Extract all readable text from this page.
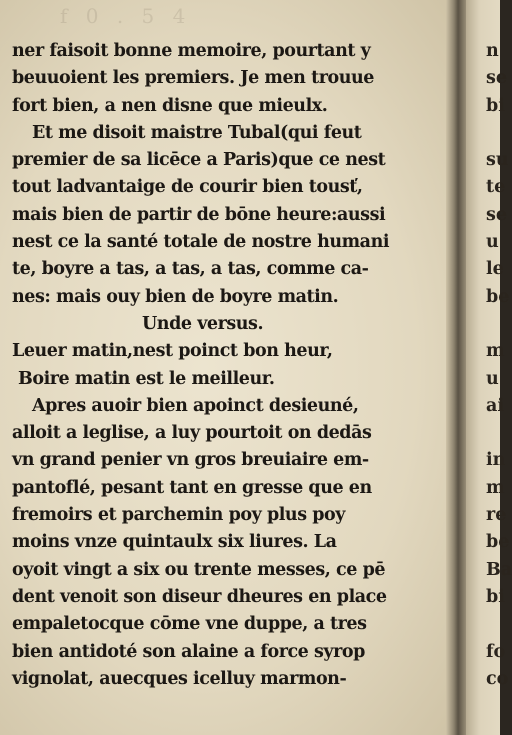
f 0 . 5 4
ner faisoit bonne memoire, pourtant y
beuuoient les premiers. Je men trouue
fort bien, a nen disne que mieulx.
Et me disoit maistre Tubal(qui feut
premier de sa licēce a Paris)que ce nest
tout ladvantaige de courir bien tousť,
mais bien de partir de bōne heure:aussi
nest ce la santé totale de nostre humani
te, boyre a tas, a tas, a tas, comme ca-
nes: mais ouy bien de boyre matin.
Unde versus.
Leuer matin,nest poinct bon heur,
Boire matin est le meilleur.
Apres auoir bien apoinct desieuné,
alloit a leglise, a luy pourtoit on dedās
vn grand penier vn gros breuiaire em-
pantoflé, pesant tant en gresse que en
fremoirs et parchemin poy plus poy
moins vnze quintaulx six liures. La
oyoit vingt a six ou trente messes, ce pē
dent venoit son diseur dheures en place
empaletocque cōme vne duppe, a tres
bien antidoté son alaine a force syrop
vignolat, auecques icelluy marmon-
n
se
bi
su
te
se
u
le
be
m
u
ai
in
m
re
be
Ba
bi
fo
co
